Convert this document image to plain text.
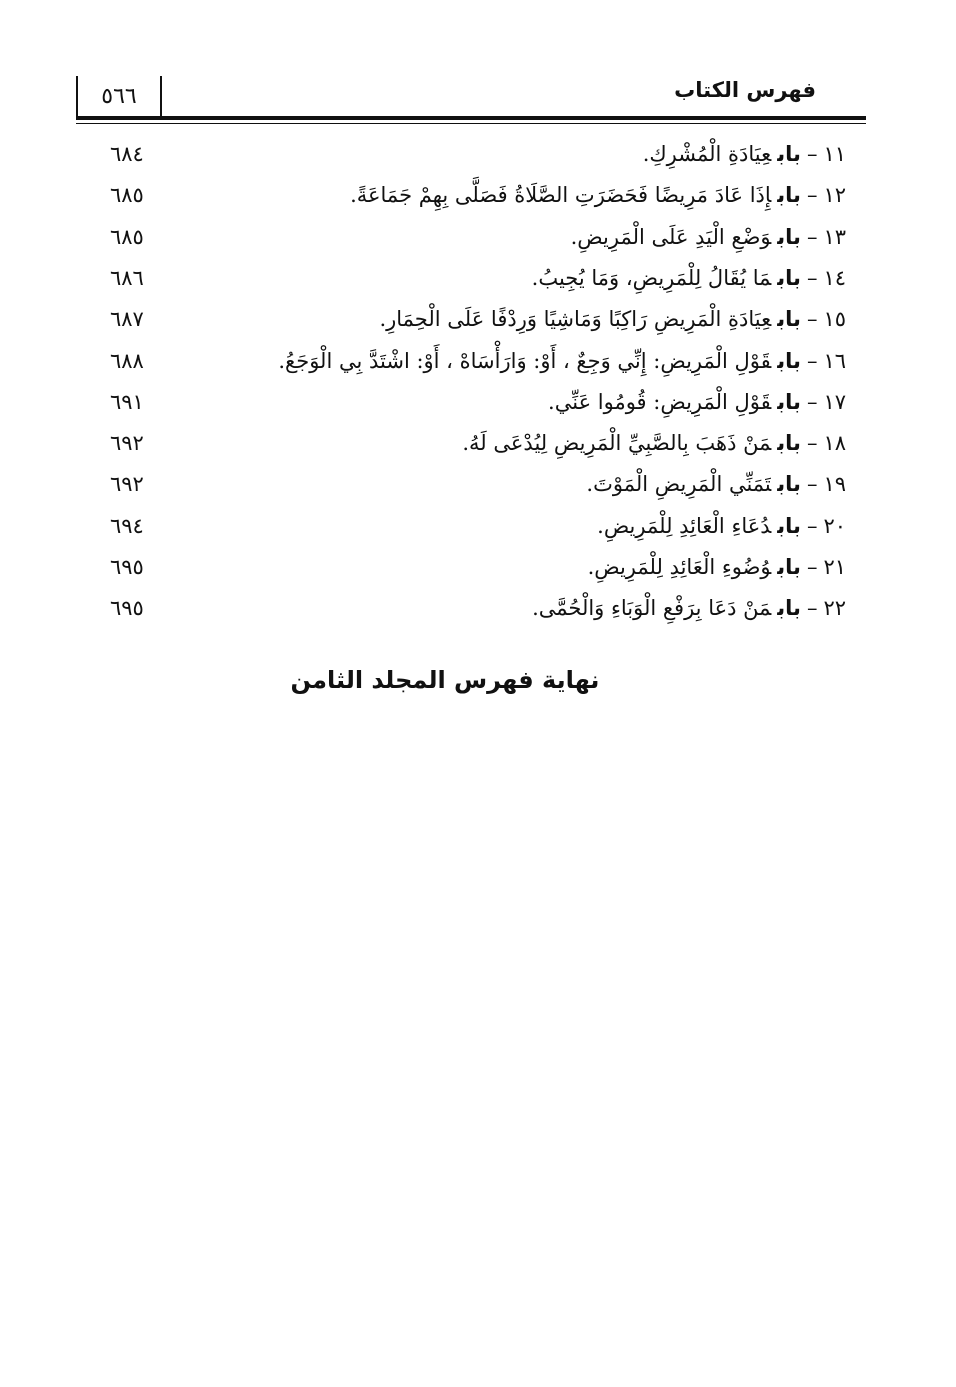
فهرس الكتاب
٥٦٦
١١–بابعِيَادَةِ الْمُشْرِكِ.
٦٨٤
١٢–بابإِذَا عَادَ مَرِيضًا فَحَضَرَتِ الصَّلَاةُ فَصَلَّى بِهِمْ جَمَاعَةً.
٦٨٥
١٣–بابوَضْعِ الْيَدِ عَلَى الْمَرِيضِ.
٦٨٥
١٤–بابمَا يُقَالُ لِلْمَرِيضِ، وَمَا يُجِيبُ.
٦٨٦
١٥–بابعِيَادَةِ الْمَرِيضِ رَاكِبًا وَمَاشِيًا وَرِدْفًا عَلَى الْحِمَارِ.
٦٨٧
١٦–بابقَوْلِ الْمَرِيضِ: إِنِّي وَجِعٌ ، أَوْ: وَارَأْسَاهْ ، أَوْ: اشْتَدَّ بِي الْوَجَعُ.
٦٨٨
١٧–بابقَوْلِ الْمَرِيضِ: قُومُوا عَنِّي.
٦٩١
١٨–بابمَنْ ذَهَبَ بِالصَّبِيِّ الْمَرِيضِ لِيُدْعَى لَهُ.
٦٩٢
١٩–بابتَمَنِّي الْمَرِيضِ الْمَوْتَ.
٦٩٢
٢٠–بابدُعَاءِ الْعَائِدِ لِلْمَرِيضِ.
٦٩٤
٢١–بابوُضُوءِ الْعَائِدِ لِلْمَرِيضِ.
٦٩٥
٢٢–بابمَنْ دَعَا بِرَفْعِ الْوَبَاءِ وَالْحُمَّى.
٦٩٥
نهاية فهرس المجلد الثامن
